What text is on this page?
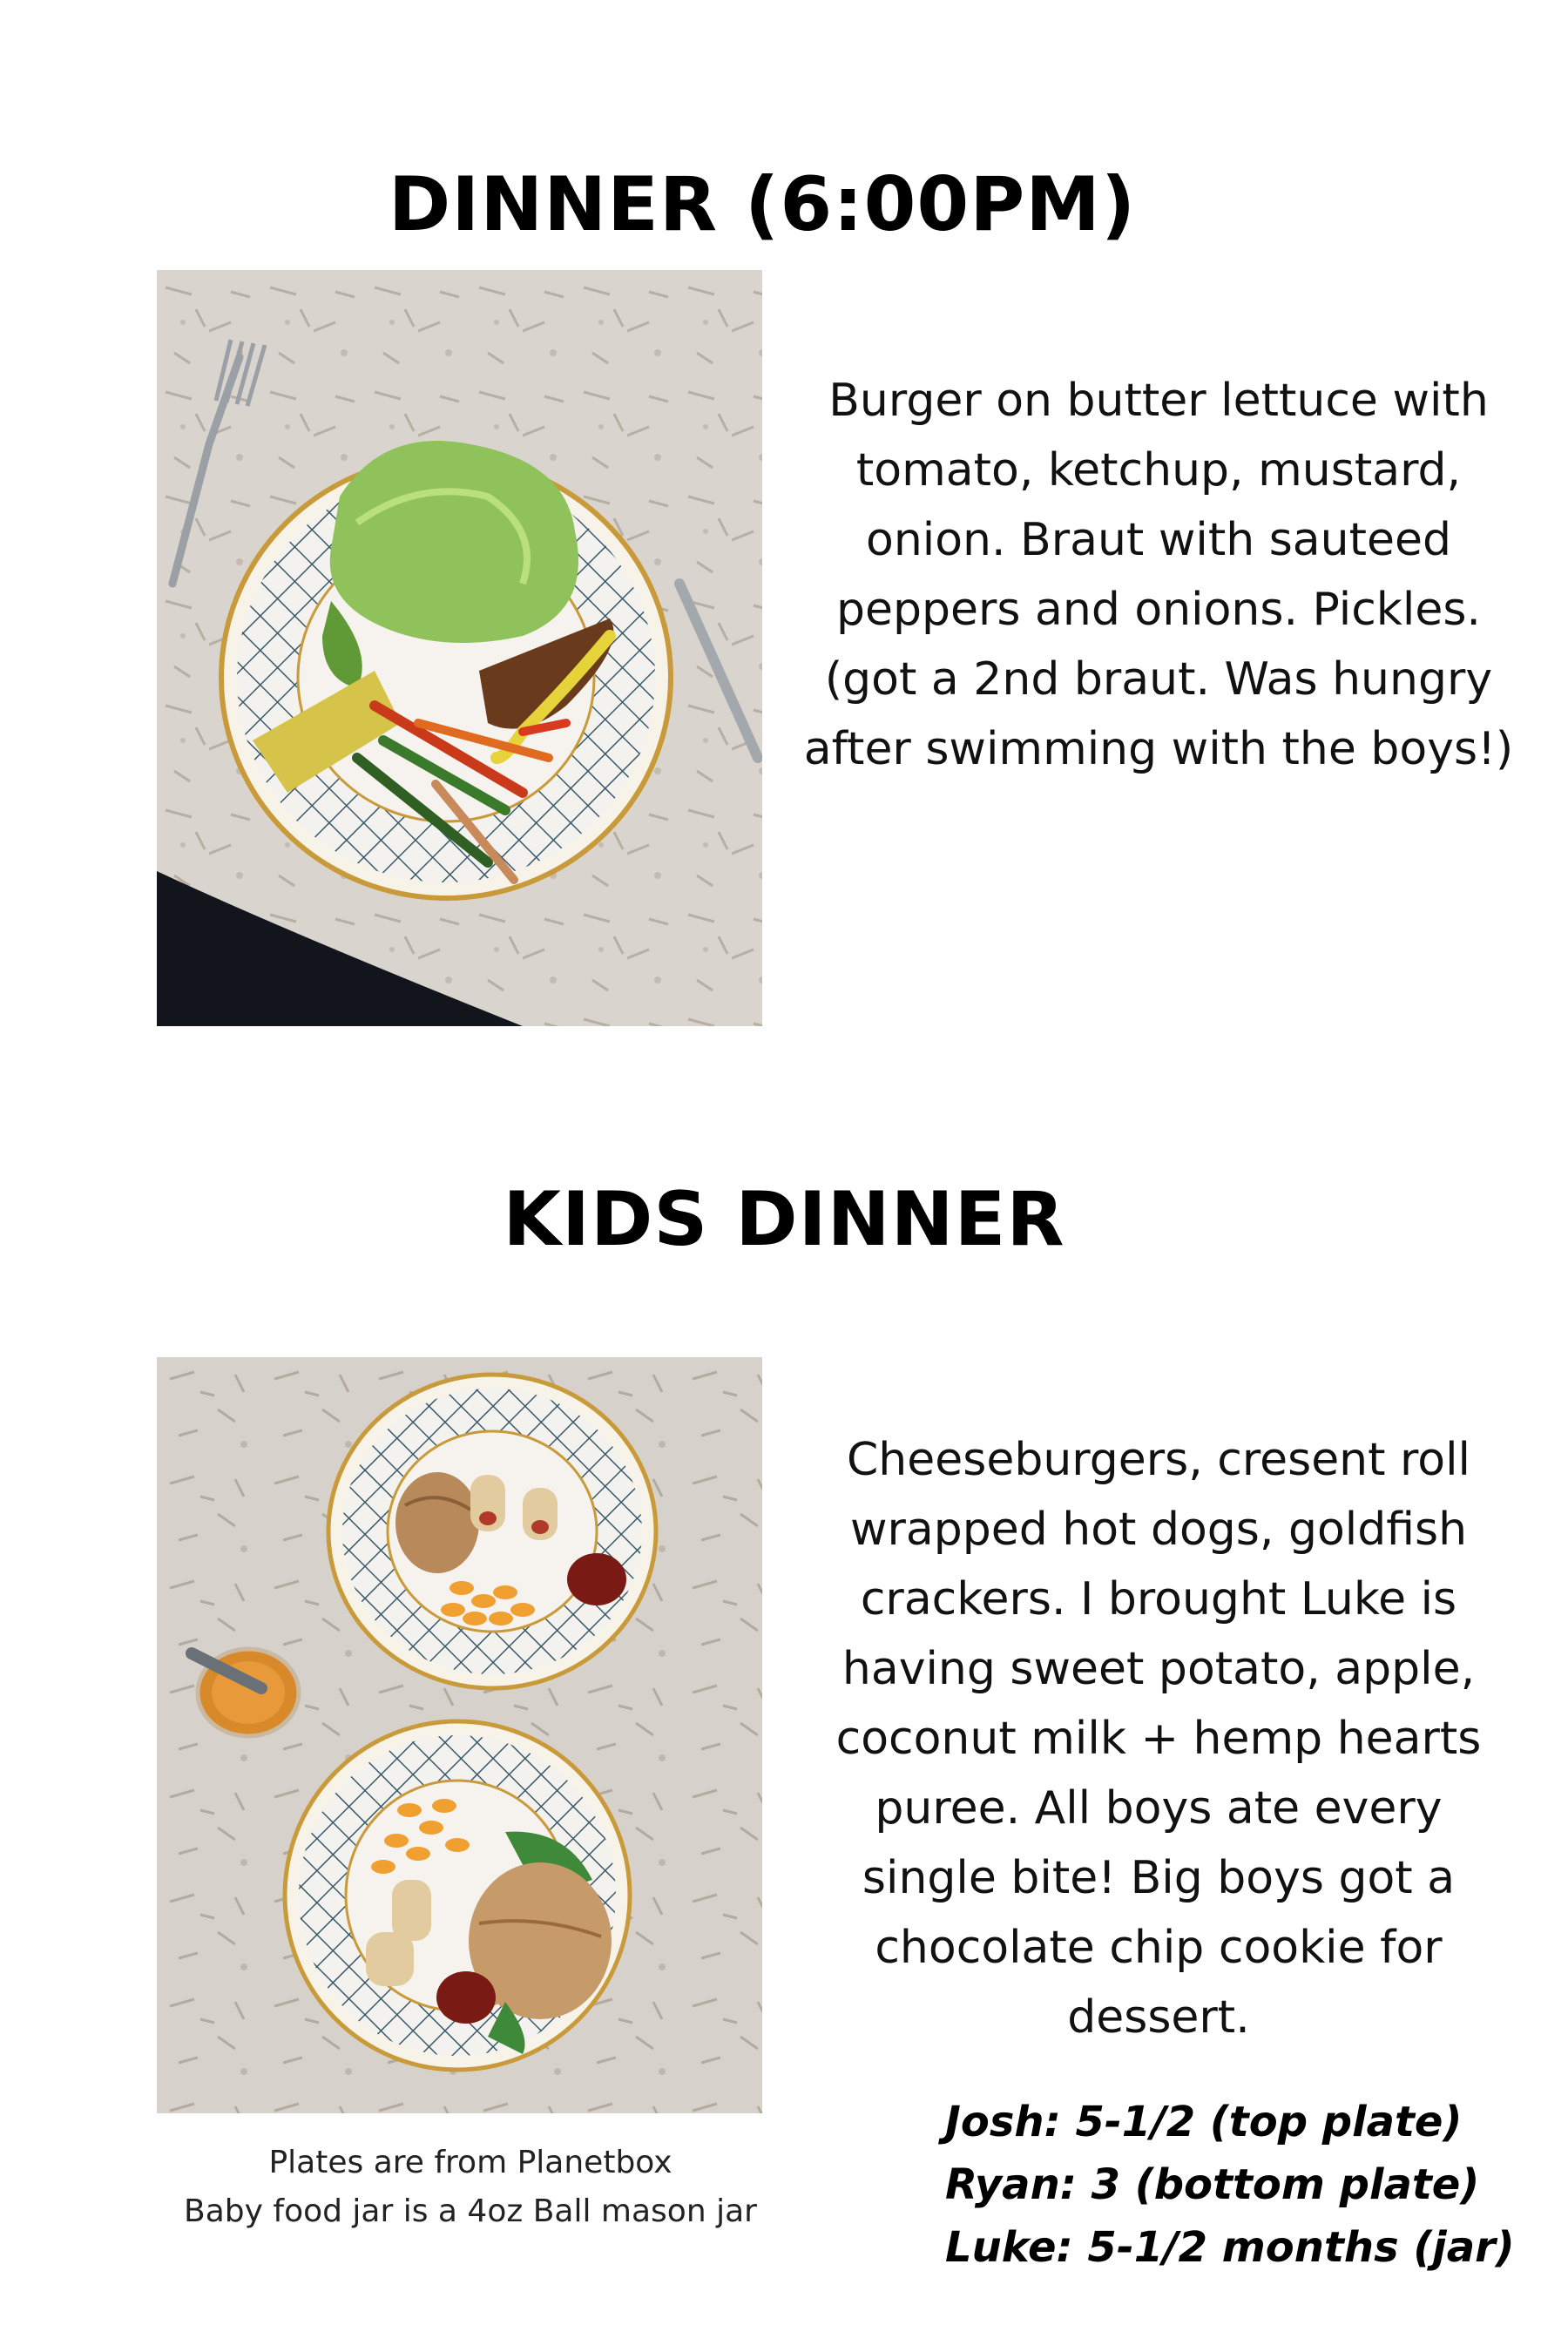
DINNER (6:00PM)
Burger on butter lettuce with tomato, ketchup, mustard, onion. Braut with sauteed peppers and onions. Pickles. (got a 2nd braut. Was hungry after swimming with the boys!)
KIDS DINNER
Cheeseburgers, cresent roll wrapped hot dogs, goldfish crackers. I brought Luke is having sweet potato, apple, coconut milk + hemp hearts puree. All boys ate every single bite! Big boys got a chocolate chip cookie for dessert.
Plates are from Planetbox
Baby food jar is a 4oz Ball mason jar
Josh: 5-1/2 (top plate)
Ryan: 3 (bottom plate)
Luke: 5-1/2 months (jar)
